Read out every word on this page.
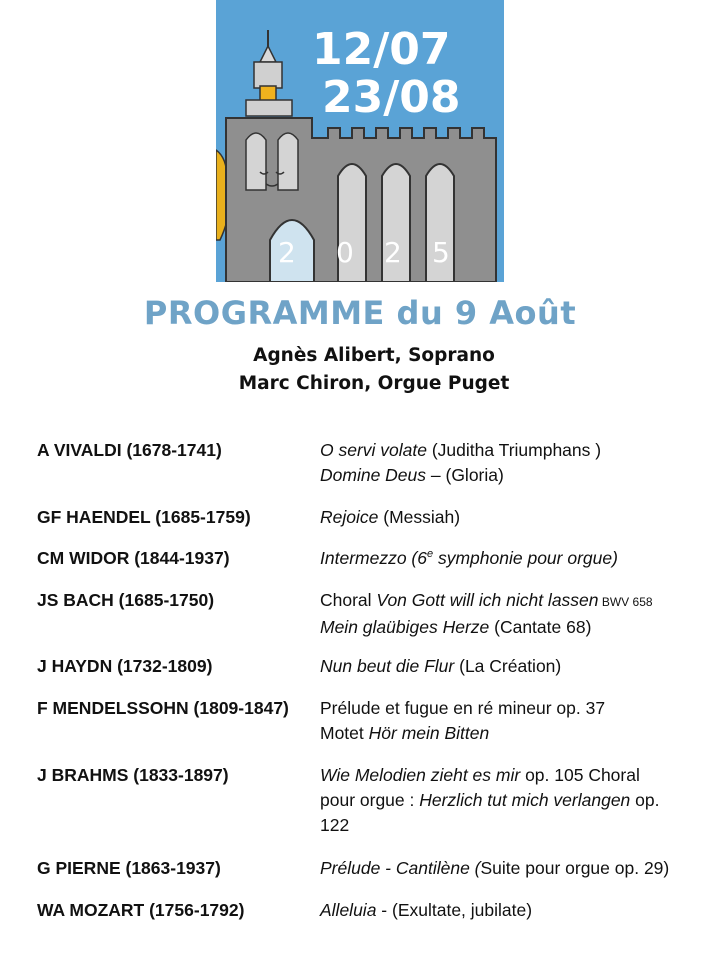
12/07
23/08
2 0 2 5
PROGRAMME du 9 Août
Agnès Alibert, Soprano
Marc Chiron, Orgue Puget
A VIVALDI (1678-1741)	O servi volate (Juditha Triumphans )
Domine Deus – (Gloria)
GF HAENDEL (1685-1759)	Rejoice (Messiah)
CM WIDOR (1844-1937)	Intermezzo (6e symphonie pour orgue)
JS BACH (1685-1750)	Choral Von Gott will ich nicht lassen BWV 658
Mein glaübiges Herze (Cantate 68)
J HAYDN (1732-1809)	Nun beut die Flur (La Création)
F MENDELSSOHN (1809-1847) Prélude et fugue en ré mineur op. 37
Motet Hör mein Bitten
J BRAHMS (1833-1897)	Wie Melodien zieht es mir op. 105 Choral
pour orgue : Herzlich tut mich verlangen op.
122
G PIERNE (1863-1937)	Prélude - Cantilène (Suite pour orgue op. 29)
WA MOZART (1756-1792)	Alleluia - (Exultate, jubilate)
